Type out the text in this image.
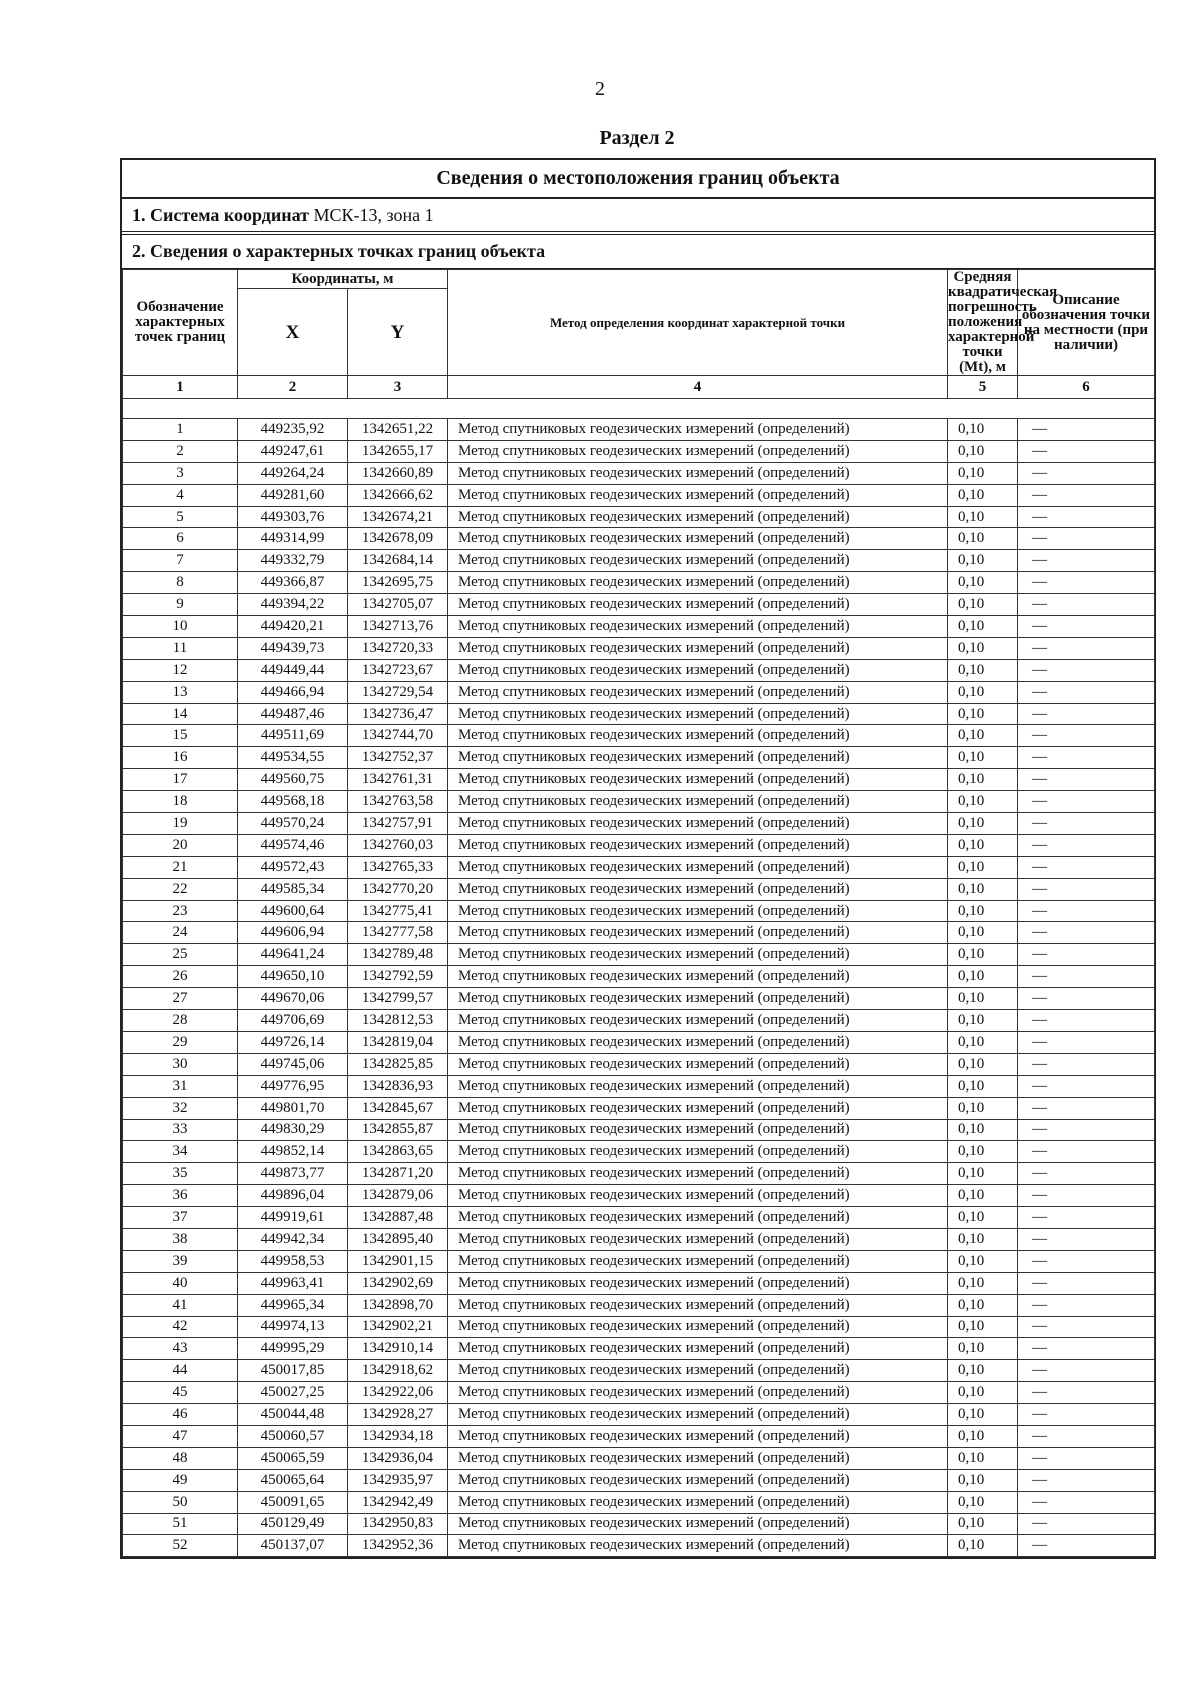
2
Раздел 2
Сведения о местоположения границ объекта
1. Система координат МСК-13, зона 1
2. Сведения о характерных точках границ объекта
Обозначение характерных точек границ	Координаты, м		Метод определения координат характерной точки	Средняя квадратическая погрешность положения характерной точки (Mt), м	Описание обозначения точки на местности (при наличии)
	X	Y			
1	2	3	4	5	6

1	449235,92	1342651,22	Метод спутниковых геодезических измерений (определений)	0,10	—
2	449247,61	1342655,17	Метод спутниковых геодезических измерений (определений)	0,10	—
3	449264,24	1342660,89	Метод спутниковых геодезических измерений (определений)	0,10	—
4	449281,60	1342666,62	Метод спутниковых геодезических измерений (определений)	0,10	—
5	449303,76	1342674,21	Метод спутниковых геодезических измерений (определений)	0,10	—
6	449314,99	1342678,09	Метод спутниковых геодезических измерений (определений)	0,10	—
7	449332,79	1342684,14	Метод спутниковых геодезических измерений (определений)	0,10	—
8	449366,87	1342695,75	Метод спутниковых геодезических измерений (определений)	0,10	—
9	449394,22	1342705,07	Метод спутниковых геодезических измерений (определений)	0,10	—
10	449420,21	1342713,76	Метод спутниковых геодезических измерений (определений)	0,10	—
11	449439,73	1342720,33	Метод спутниковых геодезических измерений (определений)	0,10	—
12	449449,44	1342723,67	Метод спутниковых геодезических измерений (определений)	0,10	—
13	449466,94	1342729,54	Метод спутниковых геодезических измерений (определений)	0,10	—
14	449487,46	1342736,47	Метод спутниковых геодезических измерений (определений)	0,10	—
15	449511,69	1342744,70	Метод спутниковых геодезических измерений (определений)	0,10	—
16	449534,55	1342752,37	Метод спутниковых геодезических измерений (определений)	0,10	—
17	449560,75	1342761,31	Метод спутниковых геодезических измерений (определений)	0,10	—
18	449568,18	1342763,58	Метод спутниковых геодезических измерений (определений)	0,10	—
19	449570,24	1342757,91	Метод спутниковых геодезических измерений (определений)	0,10	—
20	449574,46	1342760,03	Метод спутниковых геодезических измерений (определений)	0,10	—
21	449572,43	1342765,33	Метод спутниковых геодезических измерений (определений)	0,10	—
22	449585,34	1342770,20	Метод спутниковых геодезических измерений (определений)	0,10	—
23	449600,64	1342775,41	Метод спутниковых геодезических измерений (определений)	0,10	—
24	449606,94	1342777,58	Метод спутниковых геодезических измерений (определений)	0,10	—
25	449641,24	1342789,48	Метод спутниковых геодезических измерений (определений)	0,10	—
26	449650,10	1342792,59	Метод спутниковых геодезических измерений (определений)	0,10	—
27	449670,06	1342799,57	Метод спутниковых геодезических измерений (определений)	0,10	—
28	449706,69	1342812,53	Метод спутниковых геодезических измерений (определений)	0,10	—
29	449726,14	1342819,04	Метод спутниковых геодезических измерений (определений)	0,10	—
30	449745,06	1342825,85	Метод спутниковых геодезических измерений (определений)	0,10	—
31	449776,95	1342836,93	Метод спутниковых геодезических измерений (определений)	0,10	—
32	449801,70	1342845,67	Метод спутниковых геодезических измерений (определений)	0,10	—
33	449830,29	1342855,87	Метод спутниковых геодезических измерений (определений)	0,10	—
34	449852,14	1342863,65	Метод спутниковых геодезических измерений (определений)	0,10	—
35	449873,77	1342871,20	Метод спутниковых геодезических измерений (определений)	0,10	—
36	449896,04	1342879,06	Метод спутниковых геодезических измерений (определений)	0,10	—
37	449919,61	1342887,48	Метод спутниковых геодезических измерений (определений)	0,10	—
38	449942,34	1342895,40	Метод спутниковых геодезических измерений (определений)	0,10	—
39	449958,53	1342901,15	Метод спутниковых геодезических измерений (определений)	0,10	—
40	449963,41	1342902,69	Метод спутниковых геодезических измерений (определений)	0,10	—
41	449965,34	1342898,70	Метод спутниковых геодезических измерений (определений)	0,10	—
42	449974,13	1342902,21	Метод спутниковых геодезических измерений (определений)	0,10	—
43	449995,29	1342910,14	Метод спутниковых геодезических измерений (определений)	0,10	—
44	450017,85	1342918,62	Метод спутниковых геодезических измерений (определений)	0,10	—
45	450027,25	1342922,06	Метод спутниковых геодезических измерений (определений)	0,10	—
46	450044,48	1342928,27	Метод спутниковых геодезических измерений (определений)	0,10	—
47	450060,57	1342934,18	Метод спутниковых геодезических измерений (определений)	0,10	—
48	450065,59	1342936,04	Метод спутниковых геодезических измерений (определений)	0,10	—
49	450065,64	1342935,97	Метод спутниковых геодезических измерений (определений)	0,10	—
50	450091,65	1342942,49	Метод спутниковых геодезических измерений (определений)	0,10	—
51	450129,49	1342950,83	Метод спутниковых геодезических измерений (определений)	0,10	—
52	450137,07	1342952,36	Метод спутниковых геодезических измерений (определений)	0,10	—
